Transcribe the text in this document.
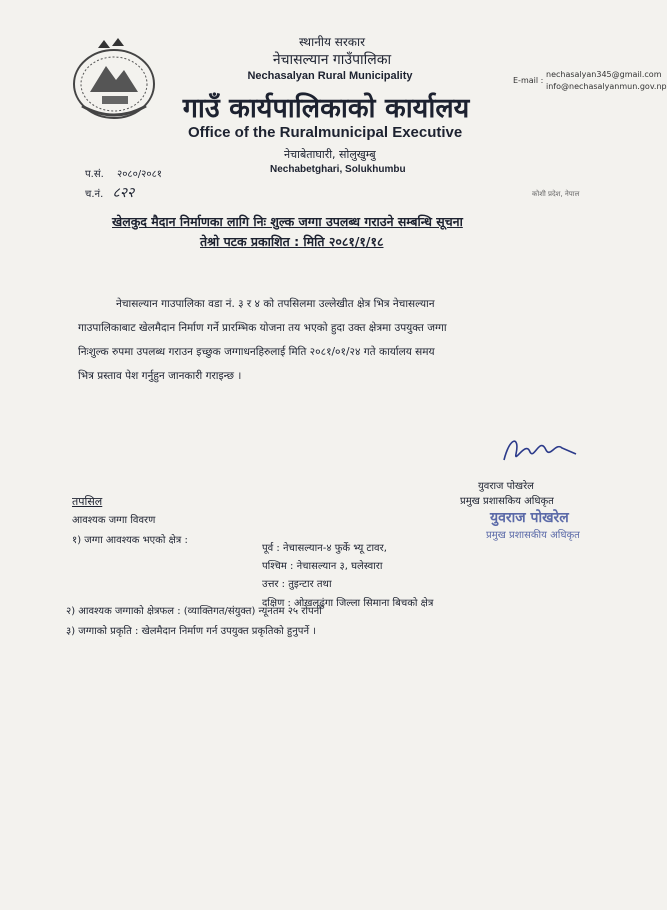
स्थानीय सरकार
नेचासल्यान गाउँपालिका
Nechasalyan Rural Municipality
गाउँ कार्यपालिकाको कार्यालय
Office of the Ruralmunicipal Executive
नेचाबेताघारी, सोलुखुम्बु
Nechabetghari, Solukhumbu
E-mail :
nechasalyan345@gmail.com
info@nechasalyanmun.gov.np
प.सं. २०८०/२०८१
च.नं. ८२२	कोशी प्रदेश, नेपाल
खेलकुद मैदान निर्माणका लागि निः शुल्क जग्गा उपलब्ध गराउने सम्बन्धि सूचना
तेश्रो पटक प्रकाशित : मिति २०८१/१/१८
नेचासल्यान गाउपालिका वडा नं. ३ र ४ को तपसिलमा उल्लेखीत क्षेत्र भित्र नेचासल्यान
गाउपालिकाबाट खेलमैदान निर्माण गर्ने प्रारम्भिक योजना तय भएको हुदा उक्त क्षेत्रमा उपयुक्त जग्गा
निःशुल्क रुपमा उपलब्ध गराउन इच्छुक जग्गाधनहिरुलाई मिति २०८१/०१/२४ गते कार्यालय समय
भित्र प्रस्ताव पेश गर्नुहुन जानकारी गराइन्छ ।
युवराज पोखरेल
प्रमुख प्रशासकिय अधिकृत
युवराज पोखरेल
प्रमुख प्रशासकीय अधिकृत
तपसिल
आवश्यक जग्गा विवरण
१) जग्गा आवश्यक भएको क्षेत्र :
पूर्व : नेचासल्यान-४ फुर्के भ्यू टावर,
पश्चिम : नेचासल्यान ३, घलेस्वारा
उत्तर : तुइन्टार तथा
दक्षिण : ओखलढुंगा जिल्ला सिमाना बिचको क्षेत्र
२) आवश्यक जग्गाको क्षेत्रफल : (व्याक्तिगत/संयुक्त) न्यूनतम २५ रोपनी
३) जग्गाको प्रकृति : खेलमैदान निर्माण गर्न उपयुक्त प्रकृतिको हुनुपर्ने ।
